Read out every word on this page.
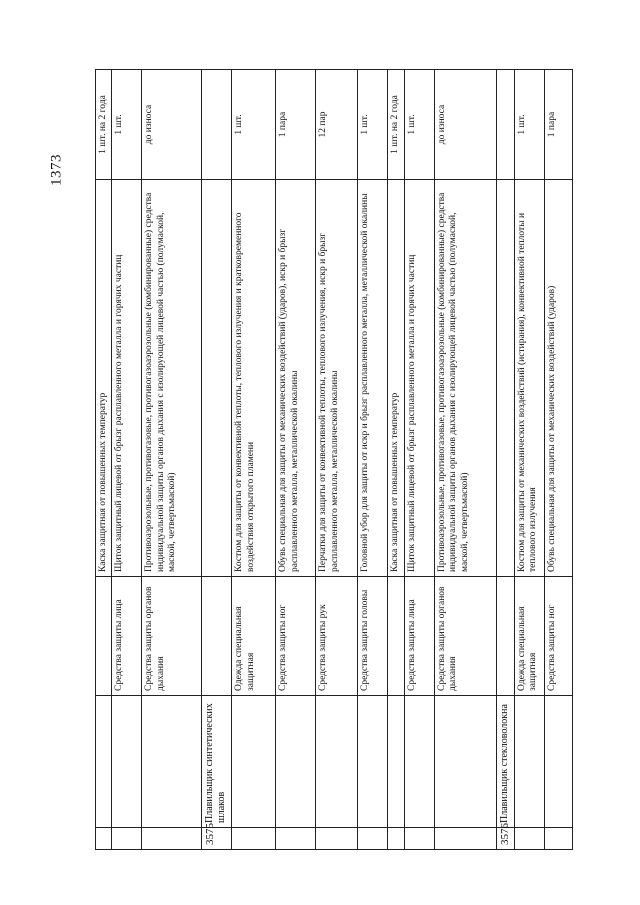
1373
			Каска защитная от повышенных температур	1 шт. на 2 года
		Средства защиты лица	Щиток защитный лицевой от брызг расплавленного металла и горячих частиц	1 шт.
		Средства защиты органов дыхания	Противоаэрозольные, противогазовые, противогазоаэрозольные (комбинированные) средства индивидуальной защиты органов дыхания с изолирующей лицевой частью (полумаской, маской, четвертьмаской)	до износа
3575	Плавильщик синтетических шлаков			
		Одежда специальная защитная	Костюм для защиты от конвективной теплоты, теплового излучения и кратковременного воздействия открытого пламени	1 шт.
		Средства защиты ног	Обувь специальная для защиты от механических воздействий (ударов), искр и брызг расплавленного металла, металлической окалины	1 пара
		Средства защиты рук	Перчатки для защиты от конвективной теплоты, теплового излучения, искр и брызг расплавленного металла, металлической окалины	12 пар
		Средства защиты головы	Головной убор для защиты от искр и брызг расплавленного металла, металлической окалины	1 шт.
			Каска защитная от повышенных температур	1 шт. на 2 года
		Средства защиты лица	Щиток защитный лицевой от брызг расплавленного металла и горячих частиц	1 шт.
		Средства защиты органов дыхания	Противоаэрозольные, противогазовые, противогазоаэрозольные (комбинированные) средства индивидуальной защиты органов дыхания с изолирующей лицевой частью (полумаской, маской, четвертьмаской)	до износа
3576	Плавильщик стекловолокна			
		Одежда специальная защитная	Костюм для защиты от механических воздействий (истирания), конвективной теплоты и теплового излучения	1 шт.
		Средства защиты ног	Обувь специальная для защиты от механических воздействий (ударов)	1 пара
